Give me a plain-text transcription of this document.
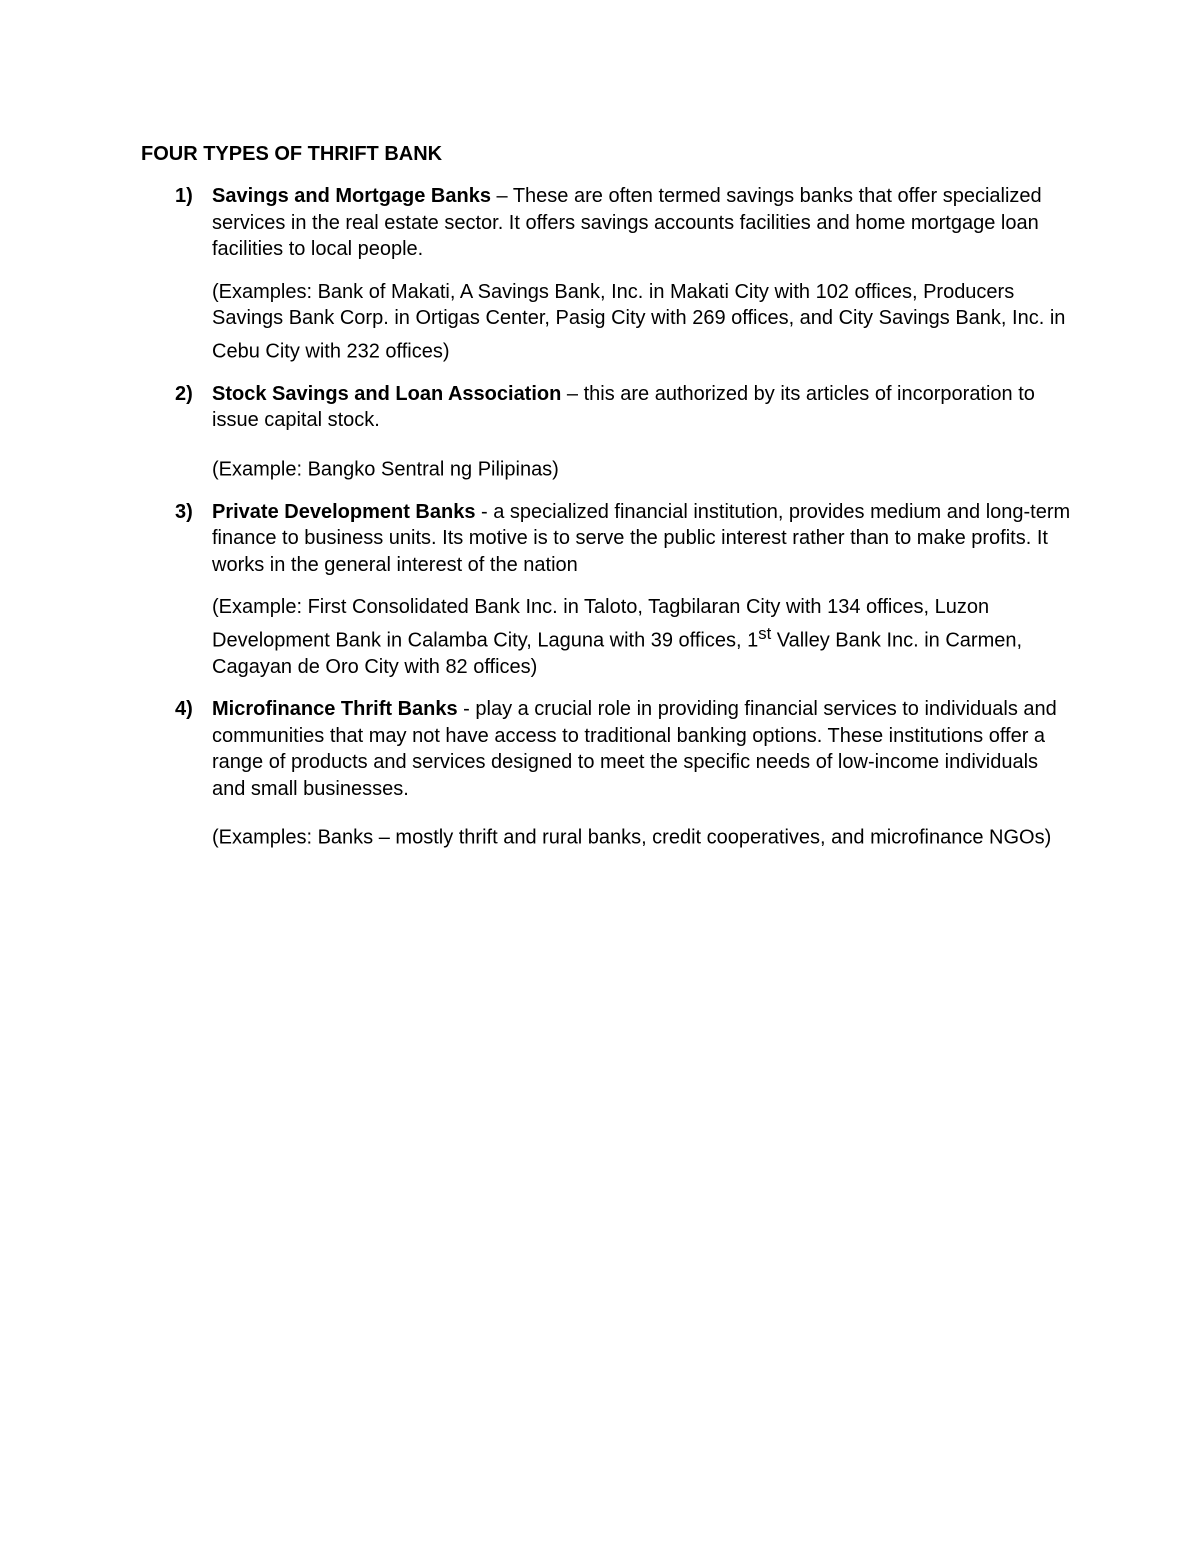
FOUR TYPES OF THRIFT BANK
1) Savings and Mortgage Banks – These are often termed savings banks that offer specialized services in the real estate sector. It offers savings accounts facilities and home mortgage loan facilities to local people.

(Examples: Bank of Makati, A Savings Bank, Inc. in Makati City with 102 offices, Producers Savings Bank Corp. in Ortigas Center, Pasig City with 269 offices, and City Savings Bank, Inc. in Cebu City with 232 offices)

2) Stock Savings and Loan Association – this are authorized by its articles of incorporation to issue capital stock.

(Example: Bangko Sentral ng Pilipinas)

3) Private Development Banks - a specialized financial institution, provides medium and long-term finance to business units. Its motive is to serve the public interest rather than to make profits. It works in the general interest of the nation

(Example: First Consolidated Bank Inc. in Taloto, Tagbilaran City with 134 offices, Luzon Development Bank in Calamba City, Laguna with 39 offices, 1st Valley Bank Inc. in Carmen, Cagayan de Oro City with 82 offices)

4) Microfinance Thrift Banks - play a crucial role in providing financial services to individuals and communities that may not have access to traditional banking options. These institutions offer a range of products and services designed to meet the specific needs of low-income individuals and small businesses.

(Examples: Banks – mostly thrift and rural banks, credit cooperatives, and microfinance NGOs)
